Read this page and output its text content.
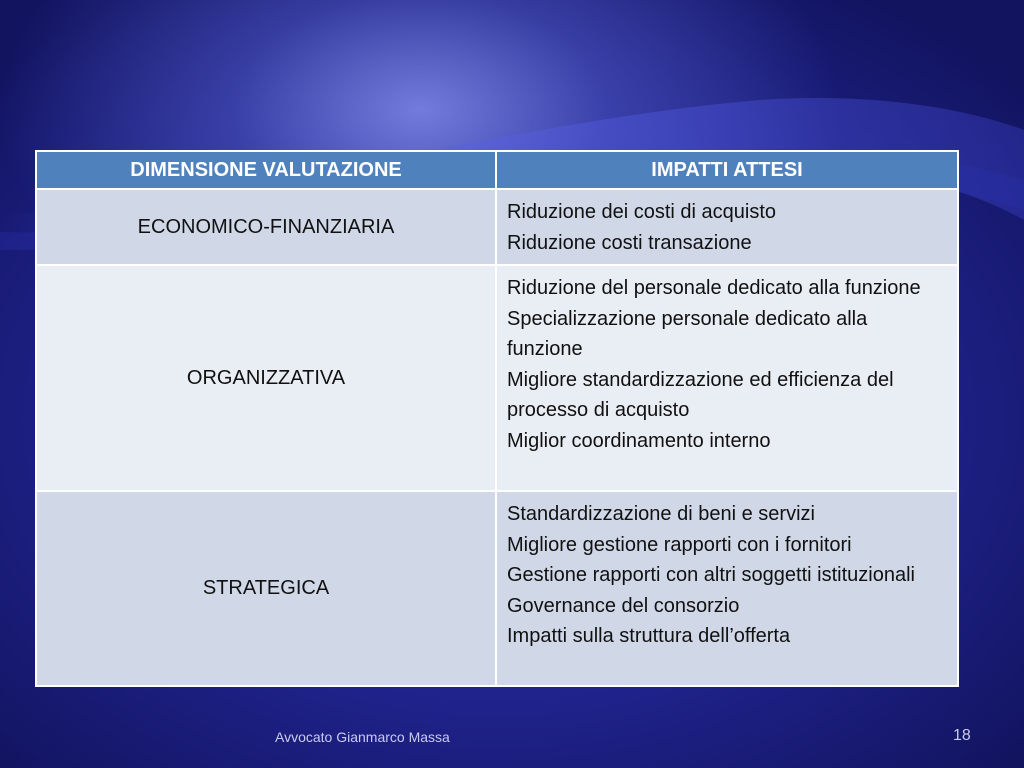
DIMENSIONE VALUTAZIONE	IMPATTI ATTESI
ECONOMICO-FINANZIARIA	Riduzione dei costi di acquisto
Riduzione costi transazione

ORGANIZZATIVA	Riduzione del personale dedicato alla funzione
Specializzazione personale dedicato alla funzione
Migliore standardizzazione ed efficienza del processo di acquisto
Miglior coordinamento interno

STRATEGICA	Standardizzazione di beni e servizi
Migliore gestione rapporti con i fornitori
Gestione rapporti con altri soggetti istituzionali
Governance del consorzio
Impatti sulla struttura dell’offerta
Avvocato Gianmarco Massa	18
